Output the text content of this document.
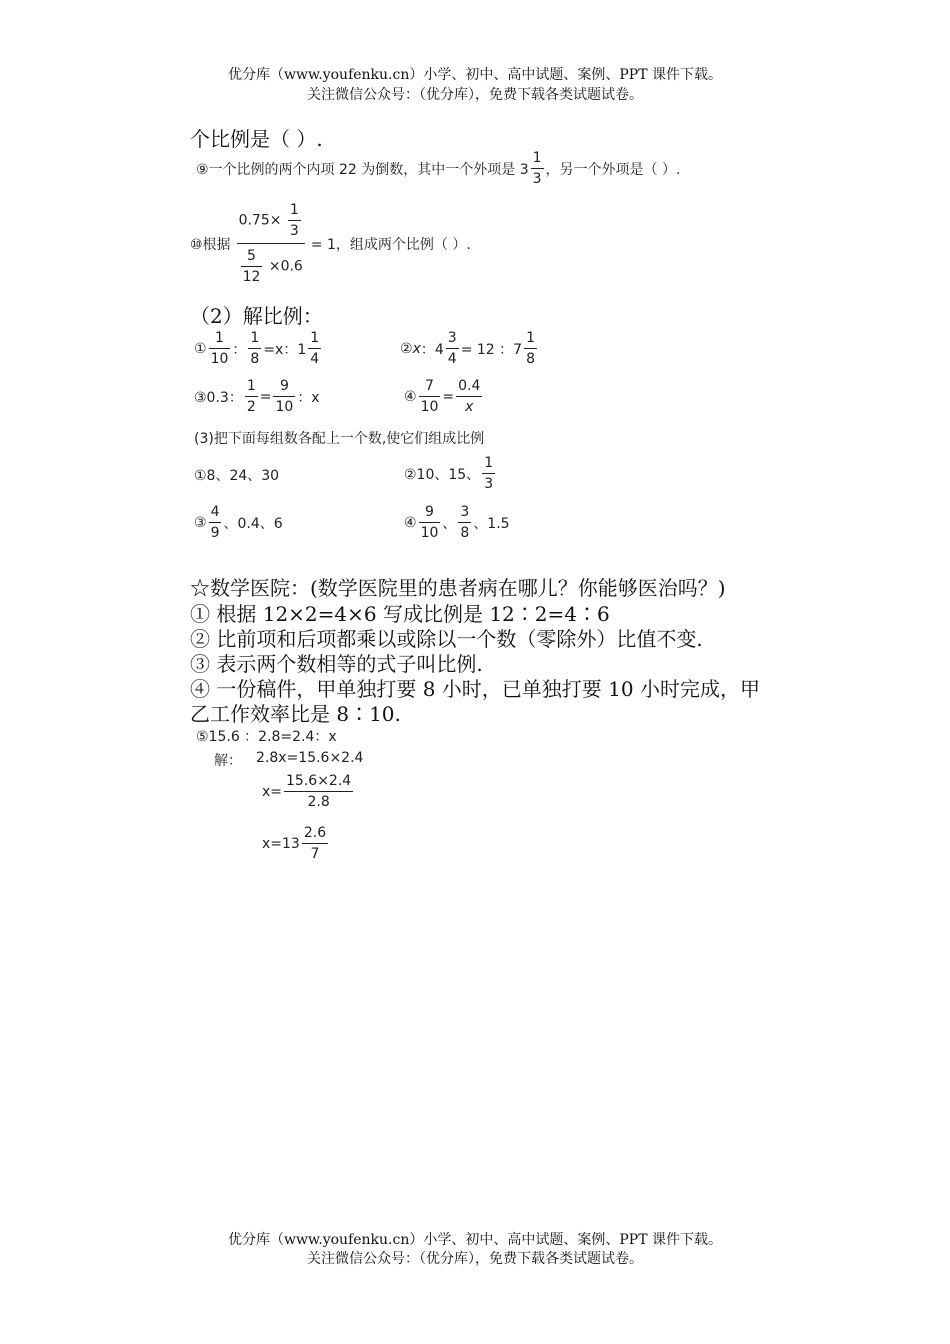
优分库（www.youfenku.cn）小学、初中、高中试题、案例、PPT 课件下载。
关注微信公众号：（优分库），免费下载各类试题试卷。
个比例是（ ）.
⑨一个比例的两个内项 22 为倒数，其中一个外项是 $3 \frac{1}{3}$ ，另一个外项是（ ）.
⑩根据 $\frac{0.75\times \frac{1}{3}}{\frac{5}{12} \times 0.6} = 1$，组成两个比例（ ）.
（2）解比例：
① $\frac{1}{10}$ ： $\frac{1}{8} =x$：$1 \frac{1}{4}$	② x ：$4 \frac{3}{4} = 12$ ：$7 \frac{1}{8}$
③0.3： $\frac{1}{2} = \frac{9}{10}$ ：x	④ $\frac{7}{10} = \frac{0.4}{x}$
(3)把下面每组数各配上一个数,使它们组成比例
①8、24、30	②10、15、 $\frac{1}{3}$
③ $\frac{4}{9}$ 、0.4、6	④ $\frac{9}{10}$ 、 $\frac{3}{8}$ 、1.5
☆数学医院：(数学医院里的患者病在哪儿？你能够医治吗？)
① 根据 12×2=4×6 写成比例是 12∶2=4∶6
② 比前项和后项都乘以或除以一个数（零除外）比值不变.
③ 表示两个数相等的式子叫比例.
④ 一份稿件，甲单独打要 8 小时，已单独打要 10 小时完成，甲
乙工作效率比是 8∶10.
⑤15.6 ：2.8=2.4：x
解： 2.8x=15.6×2.4
$x= \frac{15.6\times 2.4}{2.8}$
$x=13 \frac{2.6}{7}$
优分库（www.youfenku.cn）小学、初中、高中试题、案例、PPT 课件下载。
关注微信公众号：（优分库），免费下载各类试题试卷。
